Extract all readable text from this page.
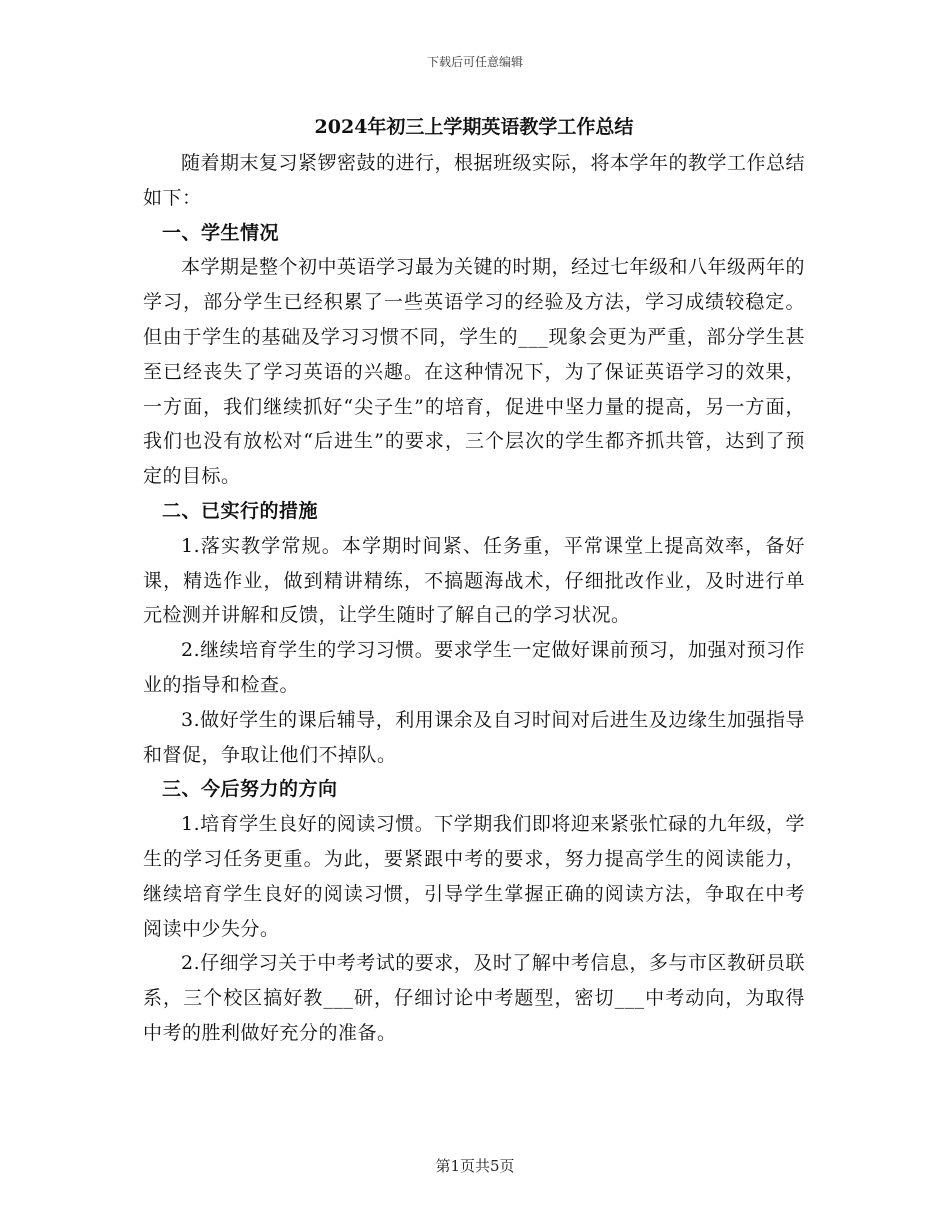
下载后可任意编辑
2024年初三上学期英语教学工作总结

随着期末复习紧锣密鼓的进行，根据班级实际，将本学年的教学工作总结如下：

一、学生情况

本学期是整个初中英语学习最为关键的时期，经过七年级和八年级两年的学习，部分学生已经积累了一些英语学习的经验及方法，学习成绩较稳定。但由于学生的基础及学习习惯不同，学生的___现象会更为严重，部分学生甚至已经丧失了学习英语的兴趣。在这种情况下，为了保证英语学习的效果，一方面，我们继续抓好“尖子生”的培育，促进中坚力量的提高，另一方面，我们也没有放松对“后进生”的要求，三个层次的学生都齐抓共管，达到了预定的目标。

二、已实行的措施

1.落实教学常规。本学期时间紧、任务重，平常课堂上提高效率，备好课，精选作业，做到精讲精练，不搞题海战术，仔细批改作业，及时进行单元检测并讲解和反馈，让学生随时了解自己的学习状况。

2.继续培育学生的学习习惯。要求学生一定做好课前预习，加强对预习作业的指导和检查。

3.做好学生的课后辅导，利用课余及自习时间对后进生及边缘生加强指导和督促，争取让他们不掉队。

三、今后努力的方向

1.培育学生良好的阅读习惯。下学期我们即将迎来紧张忙碌的九年级，学生的学习任务更重。为此，要紧跟中考的要求，努力提高学生的阅读能力，继续培育学生良好的阅读习惯，引导学生掌握正确的阅读方法，争取在中考阅读中少失分。

2.仔细学习关于中考考试的要求，及时了解中考信息，多与市区教研员联系，三个校区搞好教___研，仔细讨论中考题型，密切___中考动向，为取得中考的胜利做好充分的准备。

第1页共5页
